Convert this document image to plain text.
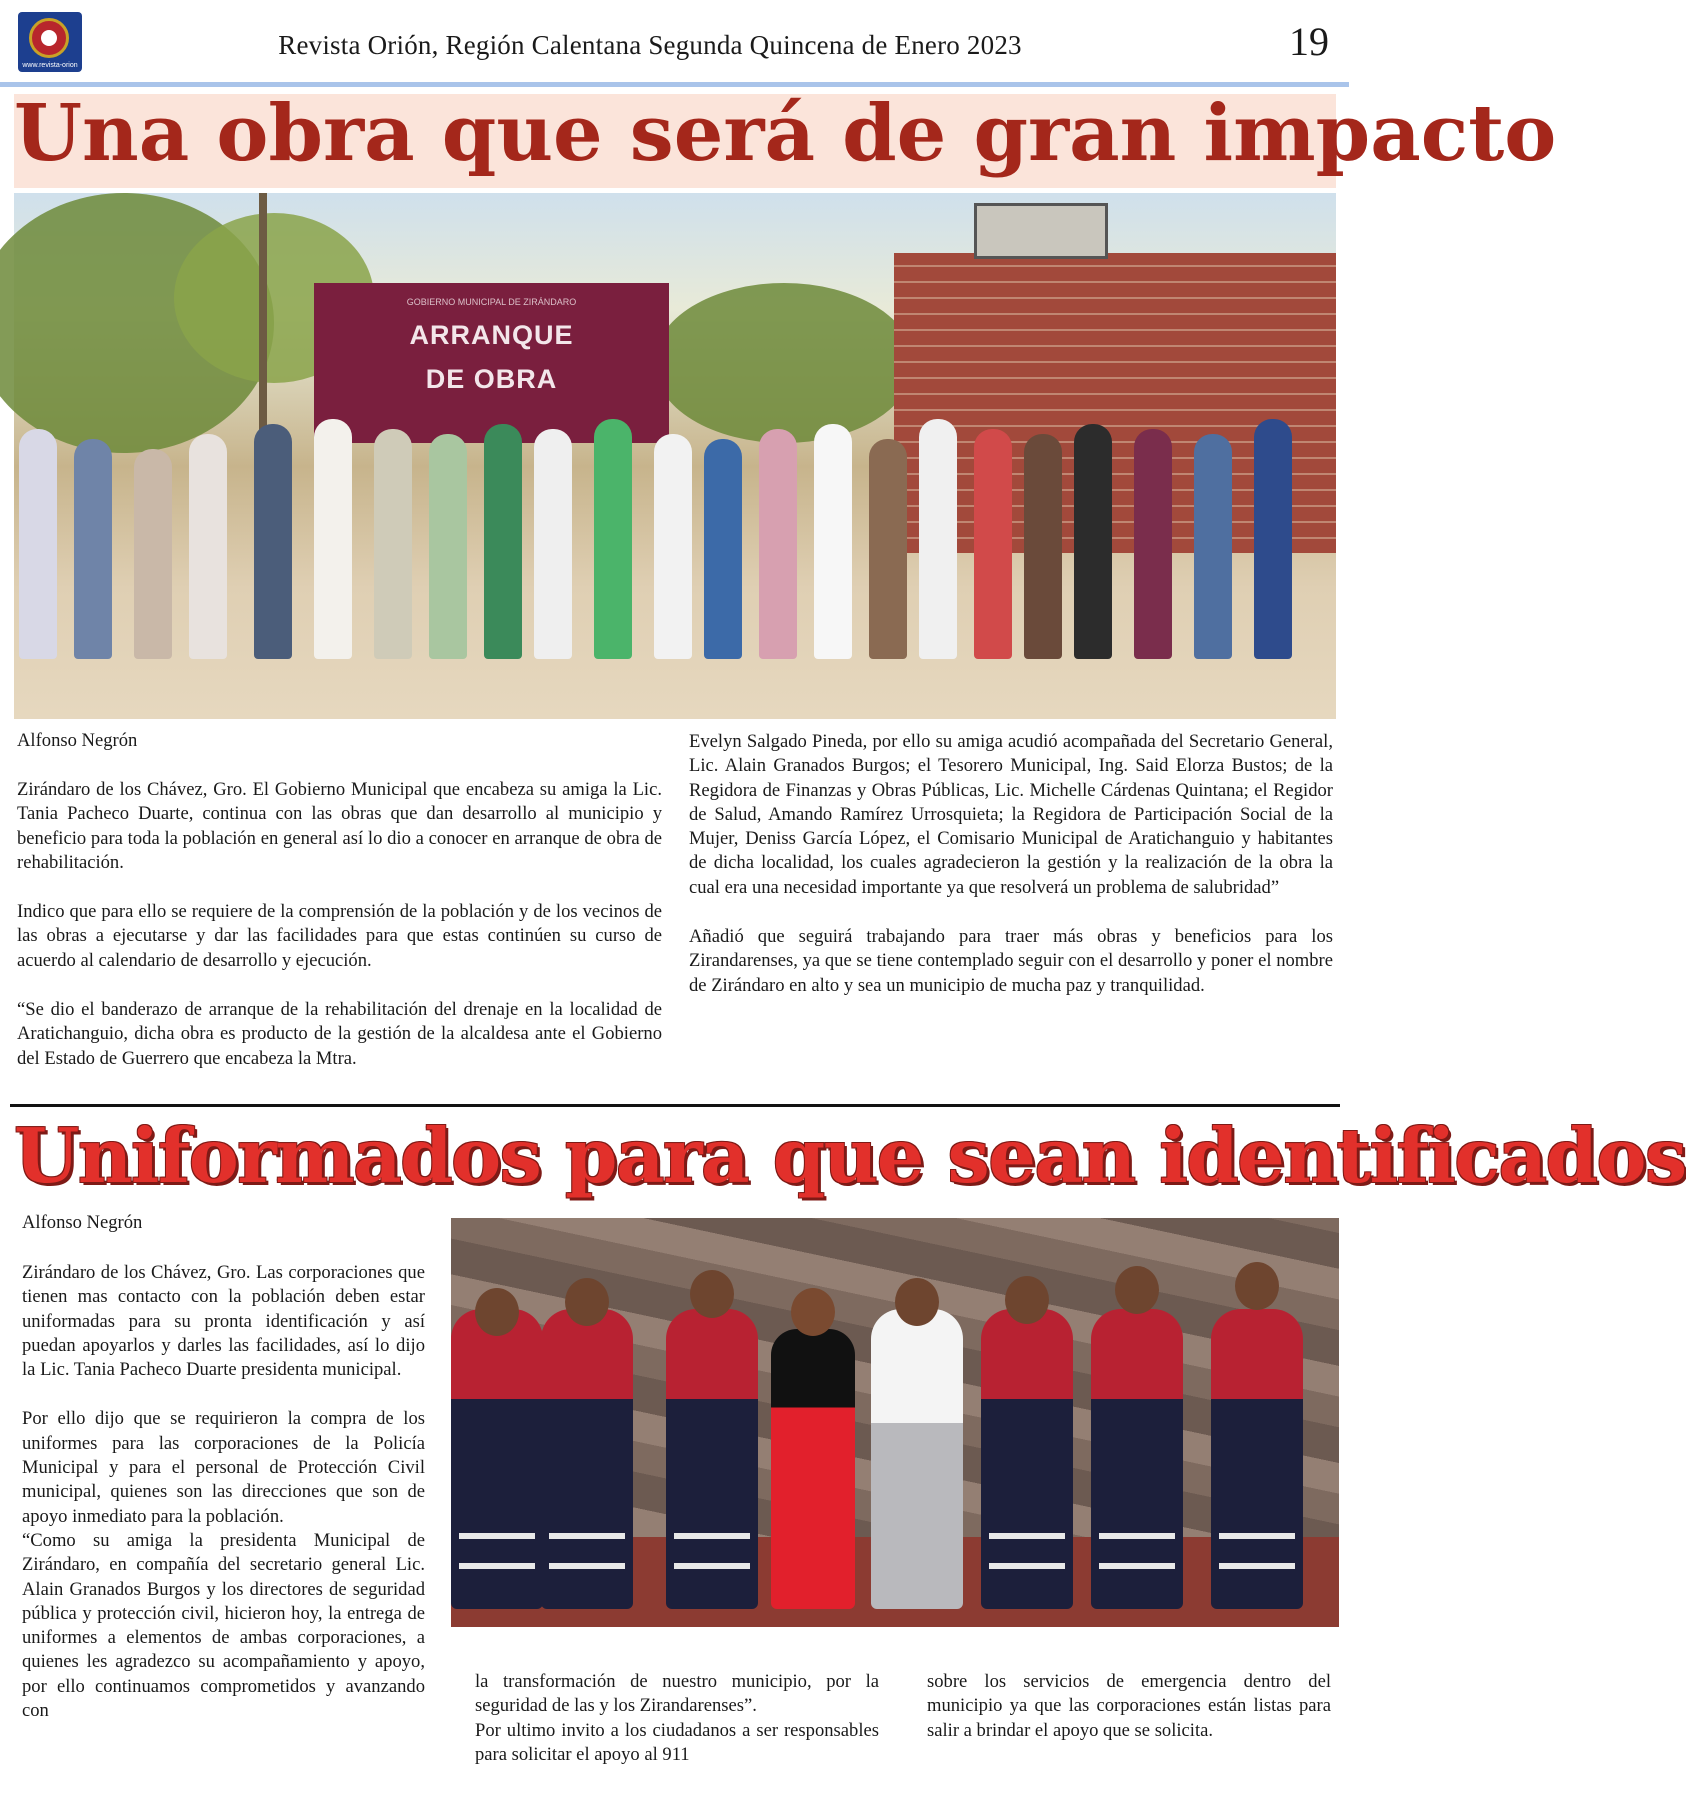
www.revista-orion
Revista Orión, Región Calentana Segunda Quincena de Enero 2023	19
Una obra que será de gran impacto
GOBIERNO MUNICIPAL DE ZIRÁNDARO
ARRANQUE
DE OBRA
Alfonso Negrón

Zirándaro de los Chávez, Gro. El Gobierno Municipal que encabeza su amiga la Lic. Tania Pacheco Duarte, continua con las obras que dan desarrollo al municipio y beneficio para toda la población en general así lo dio a conocer en arranque de obra de rehabilitación.

Indico que para ello se requiere de la comprensión de la población y de los vecinos de las obras a ejecutarse y dar las facilidades para que estas continúen su curso de acuerdo al calendario de desarrollo y ejecución.

“Se dio el banderazo de arranque de la rehabilitación del drenaje en la localidad de Aratichanguio, dicha obra es producto de la gestión de la alcaldesa ante el Gobierno del Estado de Guerrero que encabeza la Mtra.

Evelyn Salgado Pineda, por ello su amiga acudió acompañada del Secretario General, Lic. Alain Granados Burgos; el Tesorero Municipal, Ing. Said Elorza Bustos; de la Regidora de Finanzas y Obras Públicas, Lic. Michelle Cárdenas Quintana; el Regidor de Salud, Amando Ramírez Urrosquieta; la Regidora de Participación Social de la Mujer, Deniss García López, el Comisario Municipal de Aratichanguio y habitantes de dicha localidad, los cuales agradecieron la gestión y la realización de la obra la cual era una necesidad importante ya que resolverá un problema de salubridad”

Añadió que seguirá trabajando para traer más obras y beneficios para los Zirandarenses, ya que se tiene contemplado seguir con el desarrollo y poner el nombre de Zirándaro en alto y sea un municipio de mucha paz y tranquilidad.

Uniformados para que sean identificados
Alfonso Negrón

Zirándaro de los Chávez, Gro. Las corporaciones que tienen mas contacto con la población deben estar uniformadas para su pronta identificación y así puedan apoyarlos y darles las facilidades, así lo dijo la Lic. Tania Pacheco Duarte presidenta municipal.

Por ello dijo que se requirieron la compra de los uniformes para las corporaciones de la Policía Municipal y para el personal de Protección Civil municipal, quienes son las direcciones que son de apoyo inmediato para la población.

“Como su amiga la presidenta Municipal de Zirándaro, en compañía del secretario general Lic. Alain Granados Burgos y los directores de seguridad pública y protección civil, hicieron hoy, la entrega de uniformes a elementos de ambas corporaciones, a quienes les agradezco su acompañamiento y apoyo, por ello continuamos comprometidos y avanzando con

la transformación de nuestro municipio, por la seguridad de las y los Zirandarenses”.

Por ultimo invito a los ciudadanos a ser responsables para solicitar el apoyo al 911

sobre los servicios de emergencia dentro del municipio ya que las corporaciones están listas para salir a brindar el apoyo que se solicita.
